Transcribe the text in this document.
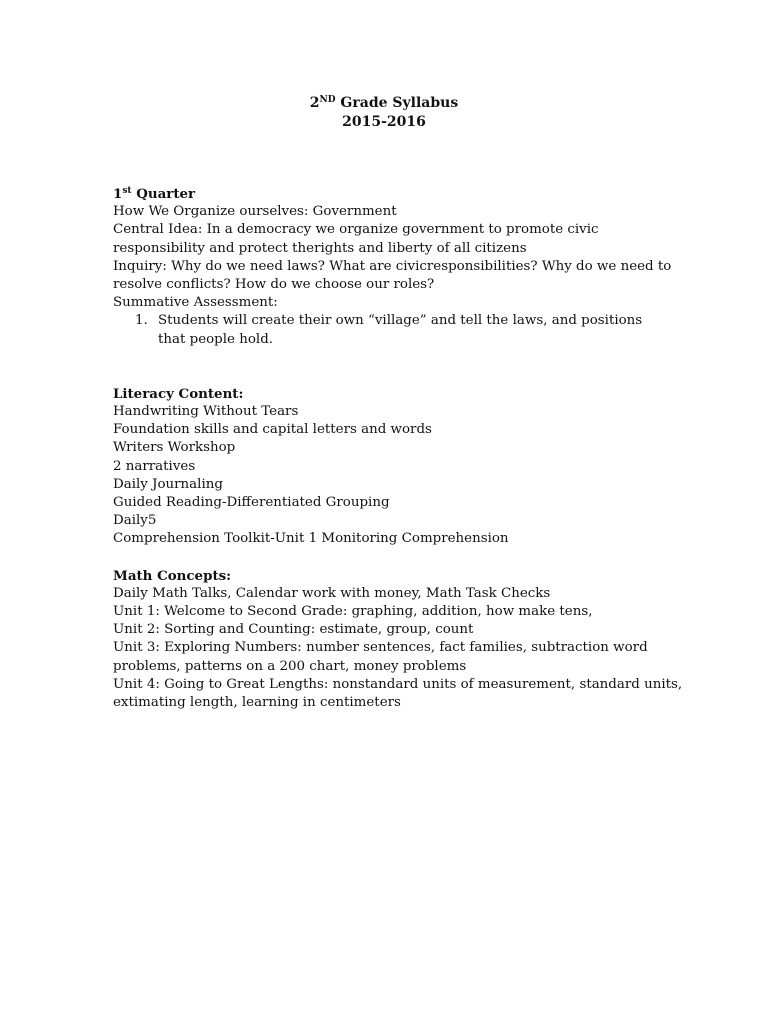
2ND Grade Syllabus
2015-2016
1st Quarter
How We Organize ourselves: Government
Central Idea: In a democracy we organize government to promote civic
responsibility and protect therights and liberty of all citizens
Inquiry: Why do we need laws? What are civicresponsibilities? Why do we need to
resolve conflicts? How do we choose our roles?
Summative Assessment:
1. Students will create their own “village” and tell the laws, and positions that people hold.
Literacy Content:
Handwriting Without Tears
Foundation skills and capital letters and words
Writers Workshop
2 narratives
Daily Journaling
Guided Reading-Differentiated Grouping
Daily5
Comprehension Toolkit-Unit 1 Monitoring Comprehension
Math Concepts:
Daily Math Talks, Calendar work with money, Math Task Checks
Unit 1: Welcome to Second Grade: graphing, addition, how make tens,
Unit 2: Sorting and Counting: estimate, group, count
Unit 3: Exploring Numbers: number sentences, fact families, subtraction word
problems, patterns on a 200 chart, money problems
Unit 4: Going to Great Lengths: nonstandard units of measurement, standard units,
extimating length, learning in centimeters
